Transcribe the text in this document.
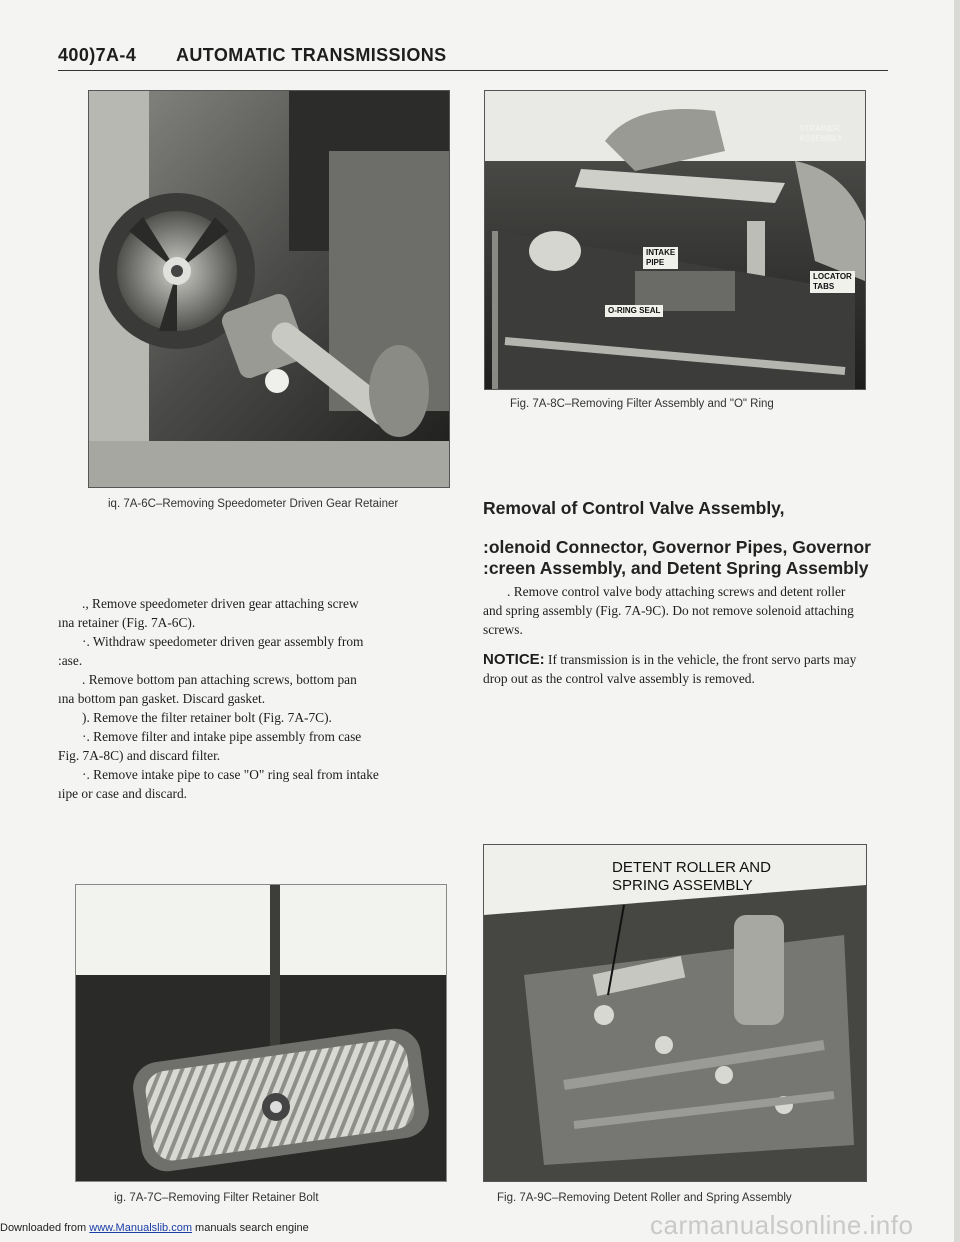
400)7A-4 AUTOMATIC TRANSMISSIONS
iq. 7A-6C–Removing Speedometer Driven Gear Retainer
STRAINER
ASSEMBLY
INTAKE
PIPE
O-RING SEAL
LOCATOR
TABS
Fig. 7A-8C–Removing Filter Assembly and "O" Ring

., Remove speedometer driven gear attaching screw

ına retainer (Fig. 7A-6C).

·. Withdraw speedometer driven gear assembly from

:ase.

. Remove bottom pan attaching screws, bottom pan

ına bottom pan gasket. Discard gasket.

). Remove the filter retainer bolt (Fig. 7A-7C).

·. Remove filter and intake pipe assembly from case

Fig. 7A-8C) and discard filter.

·. Remove intake pipe to case "O" ring seal from intake

ıipe or case and discard.

Removal of Control Valve Assembly,
:olenoid Connector, Governor Pipes, Governor
:creen Assembly, and Detent Spring Assembly

. Remove control valve body attaching screws and detent roller and spring assembly (Fig. 7A-9C). Do not remove solenoid attaching screws.

NOTICE: If transmission is in the vehicle, the front servo parts may drop out as the control valve assembly is removed.

ig. 7A-7C–Removing Filter Retainer Bolt
DETENT ROLLER AND
SPRING ASSEMBLY
Fig. 7A-9C–Removing Detent Roller and Spring Assembly
Downloaded from www.Manualslib.com manuals search engine	carmanualsonline.info
